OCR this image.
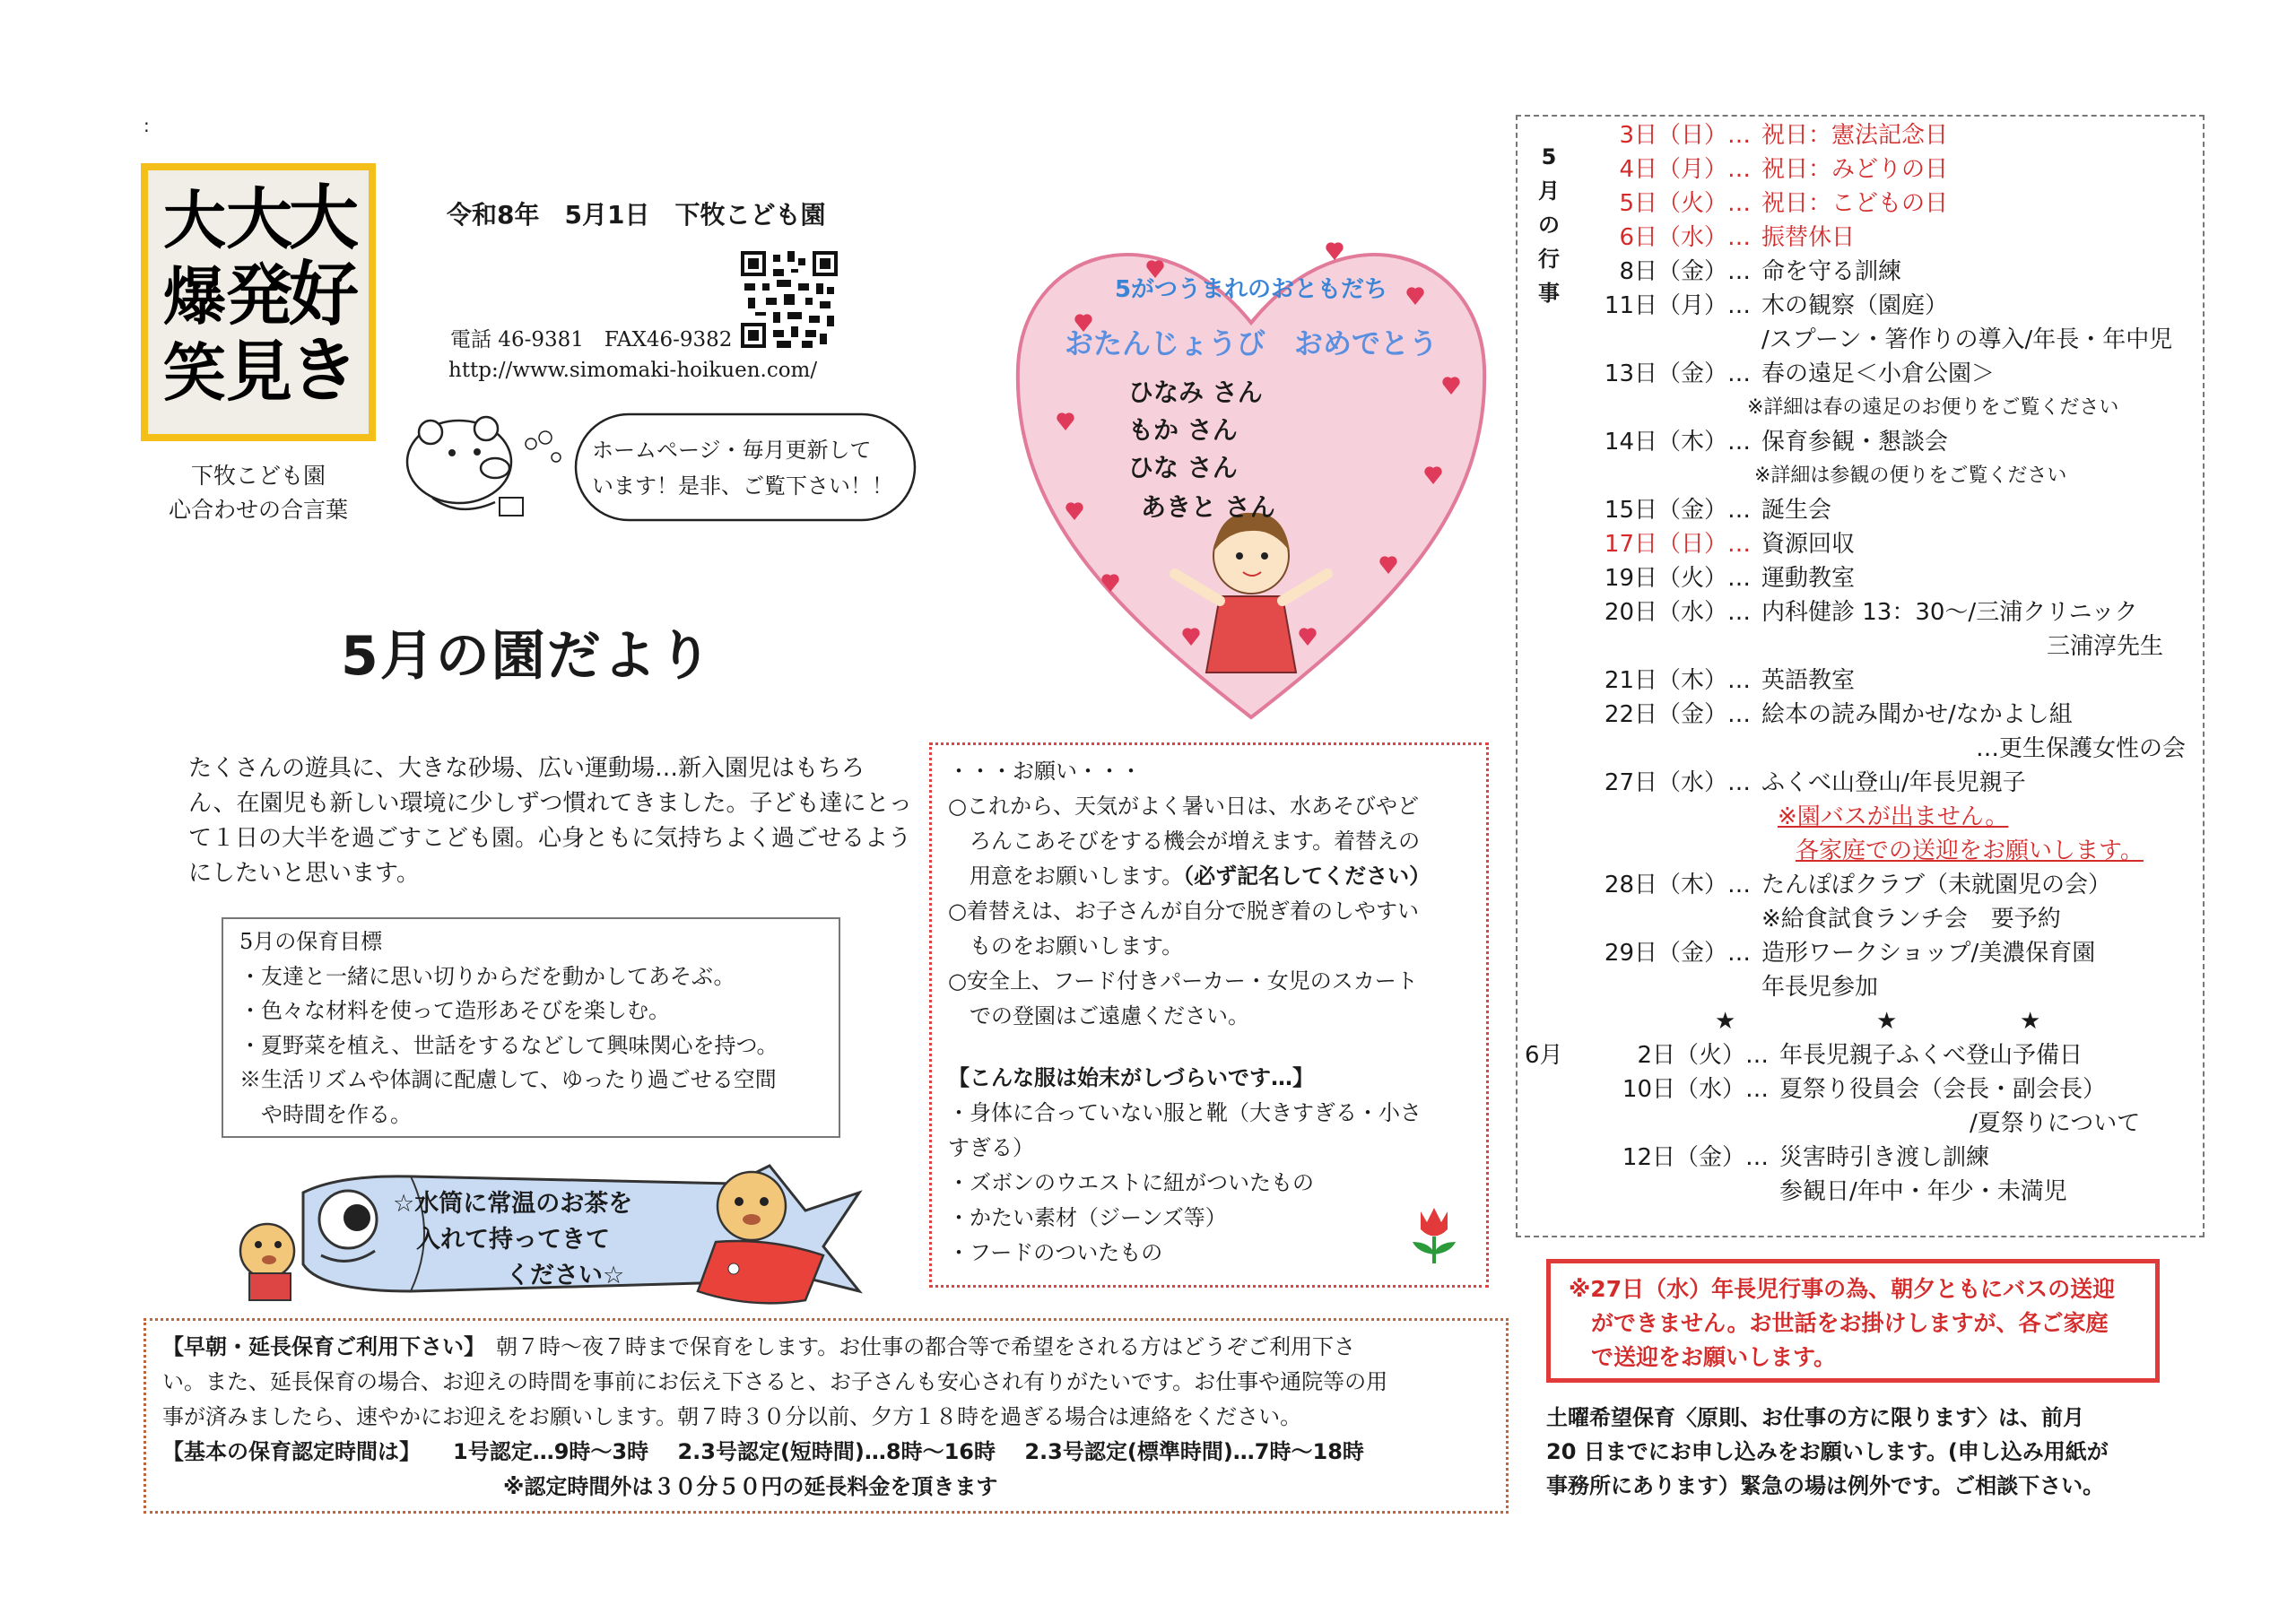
:
大
好
き
大
発
見
大
爆
笑
下牧こども園
心合わせの合言葉
令和8年　5月1日　下牧こども園
電話 46-9381　FAX46-9382
http://www.simomaki-hoikuen.com/
ホームページ・毎月更新して
います！是非、ご覧下さい！！
5月の園だより
たくさんの遊具に、大きな砂場、広い運動場…新入園児はもちろ
ん、在園児も新しい環境に少しずつ慣れてきました。子ども達にとっ
て１日の大半を過ごすこども園。心身ともに気持ちよく過ごせるよう
にしたいと思います。
5月の保育目標
・友達と一緒に思い切りからだを動かしてあそぶ。
・色々な材料を使って造形あそびを楽しむ。
・夏野菜を植え、世話をするなどして興味関心を持つ。
※生活リズムや体調に配慮して、ゆったり過ごせる空間
　や時間を作る。
☆水筒に常温のお茶を
入れて持ってきて
ください☆
5がつうまれのおともだち
おたんじょうび　おめでとう
ひなみ さん
もか さん
ひな さん
あきと さん
・・・お願い・・・
○これから、天気がよく暑い日は、水あそびやど
　ろんこあそびをする機会が増えます。着替えの
　用意をお願いします。（必ず記名してください）
○着替えは、お子さんが自分で脱ぎ着のしやすい
　ものをお願いします。
○安全上、フード付きパーカー・女児のスカート
　での登園はご遠慮ください。
【こんな服は始末がしづらいです…】
・身体に合っていない服と靴（大きすぎる・小さ
すぎる）
・ズボンのウエストに紐がついたもの
・かたい素材（ジーンズ等）
・フードのついたもの
5
月
の
行
事
3日（日）… 祝日：憲法記念日
4日（月）… 祝日：みどりの日
5日（火）… 祝日：こどもの日
6日（水）… 振替休日
8日（金）… 命を守る訓練
11日（月）… 木の観察（園庭）
/スプーン・箸作りの導入/年長・年中児
13日（金）… 春の遠足＜小倉公園＞
※詳細は春の遠足のお便りをご覧ください
14日（木）… 保育参観・懇談会
※詳細は参観の便りをご覧ください
15日（金）… 誕生会
17日（日）… 資源回収
19日（火）… 運動教室
20日（水）… 内科健診 13：30～/三浦クリニック
三浦淳先生
21日（木）… 英語教室
22日（金）… 絵本の読み聞かせ/なかよし組
…更生保護女性の会
27日（水）… ふくべ山登山/年長児親子
※園バスが出ません。
各家庭での送迎をお願いします。
28日（木）… たんぽぽクラブ（未就園児の会）
※給食試食ランチ会　要予約
29日（金）… 造形ワークショップ/美濃保育園
年長児参加
★	★	★
6月	2日（火）… 年長児親子ふくべ登山予備日
10日（水）… 夏祭り役員会（会長・副会長）
/夏祭りについて
12日（金）… 災害時引き渡し訓練
参観日/年中・年少・未満児
※27日（水）年長児行事の為、朝夕ともにバスの送迎
　ができません。お世話をお掛けしますが、各ご家庭
　で送迎をお願いします。
土曜希望保育〈原則、お仕事の方に限ります〉は、前月
20 日までにお申し込みをお願いします。(申し込み用紙が
事務所にあります）緊急の場は例外です。ご相談下さい。
【早朝・延長保育ご利用下さい】　朝７時～夜７時まで保育をします。お仕事の都合等で希望をされる方はどうぞご利用下さ
い。また、延長保育の場合、お迎えの時間を事前にお伝え下さると、お子さんも安心され有りがたいです。お仕事や通院等の用
事が済みましたら、速やかにお迎えをお願いします。朝７時３０分以前、夕方１８時を過ぎる場合は連絡をください。
【基本の保育認定時間は】　　1号認定…9時～3時　 2.3号認定(短時間)…8時～16時　 2.3号認定(標準時間)…7時～18時
※認定時間外は３０分５０円の延長料金を頂きます
